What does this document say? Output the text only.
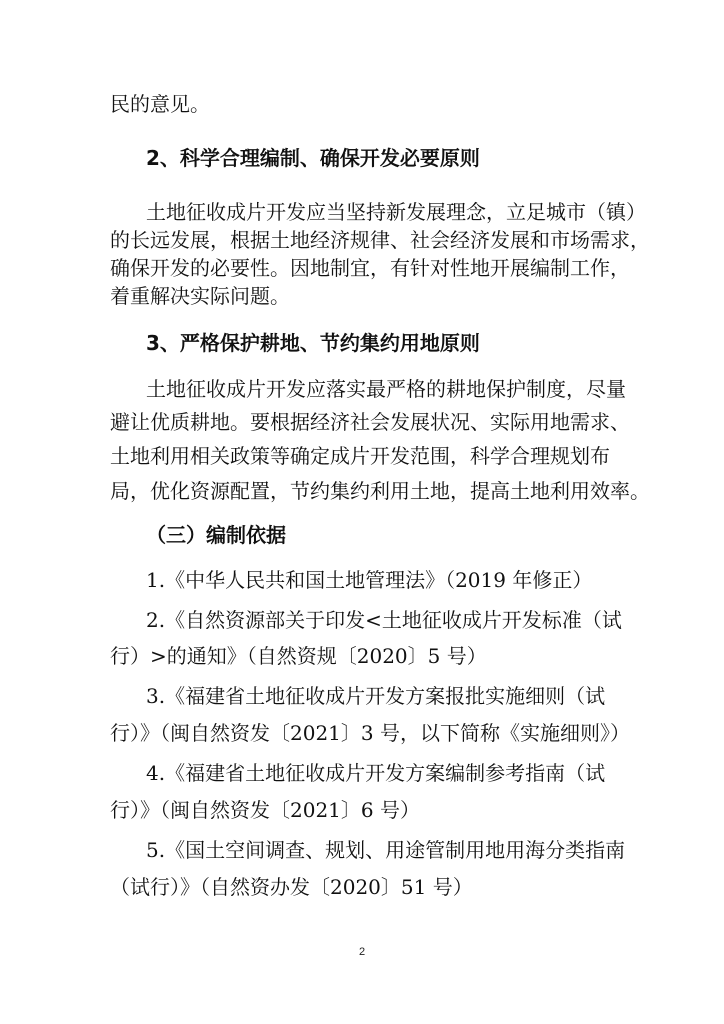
民的意见。
2、科学合理编制、确保开发必要原则
土地征收成片开发应当坚持新发展理念，立足城市（镇）
的长远发展，根据土地经济规律、社会经济发展和市场需求，
确保开发的必要性。因地制宜，有针对性地开展编制工作，
着重解决实际问题。
3、严格保护耕地、节约集约用地原则
土地征收成片开发应落实最严格的耕地保护制度，尽量
避让优质耕地。要根据经济社会发展状况、实际用地需求、
土地利用相关政策等确定成片开发范围，科学合理规划布
局，优化资源配置，节约集约利用土地，提高土地利用效率。
（三）编制依据
1.《中华人民共和国土地管理法》（2019 年修正）
2.《自然资源部关于印发<土地征收成片开发标准（试
行）>的通知》（自然资规〔2020〕5 号）
3.《福建省土地征收成片开发方案报批实施细则（试
行）》（闽自然资发〔2021〕3 号，以下简称《实施细则》）
4.《福建省土地征收成片开发方案编制参考指南（试
行）》（闽自然资发〔2021〕6 号）
5.《国土空间调查、规划、用途管制用地用海分类指南
（试行）》（自然资办发〔2020〕51 号）
2
